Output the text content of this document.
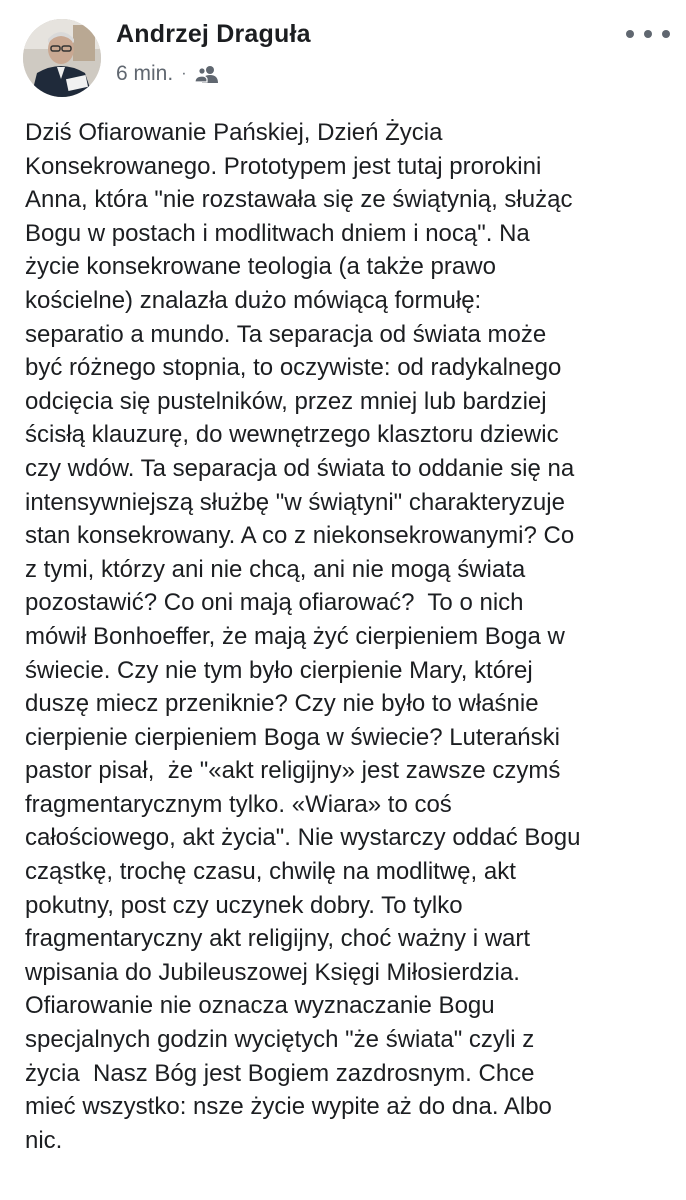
Andrzej Draguła
6 min. ·
Dziś Ofiarowanie Pańskiej, Dzień Życia
Konsekrowanego. Prototypem jest tutaj prorokini
Anna, która "nie rozstawała się ze świątynią, służąc
Bogu w postach i modlitwach dniem i nocą". Na
życie konsekrowane teologia (a także prawo
kościelne) znalazła dużo mówiącą formułę:
separatio a mundo. Ta separacja od świata może
być różnego stopnia, to oczywiste: od radykalnego
odcięcia się pustelników, przez mniej lub bardziej
ścisłą klauzurę, do wewnętrzego klasztoru dziewic
czy wdów. Ta separacja od świata to oddanie się na
intensywniejszą służbę "w świątyni" charakteryzuje
stan konsekrowany. A co z niekonsekrowanymi? Co
z tymi, którzy ani nie chcą, ani nie mogą świata
pozostawić? Co oni mają ofiarować?  To o nich
mówił Bonhoeffer, że mają żyć cierpieniem Boga w
świecie. Czy nie tym było cierpienie Mary, której
duszę miecz przeniknie? Czy nie było to właśnie
cierpienie cierpieniem Boga w świecie? Luterański
pastor pisał,  że "«akt religijny» jest zawsze czymś
fragmentarycznym tylko. «Wiara» to coś
całościowego, akt życia". Nie wystarczy oddać Bogu
cząstkę, trochę czasu, chwilę na modlitwę, akt
pokutny, post czy uczynek dobry. To tylko
fragmentaryczny akt religijny, choć ważny i wart
wpisania do Jubileuszowej Księgi Miłosierdzia.
Ofiarowanie nie oznacza wyznaczanie Bogu
specjalnych godzin wyciętych "że świata" czyli z
życia  Nasz Bóg jest Bogiem zazdrosnym. Chce
mieć wszystko: nsze życie wypite aż do dna. Albo
nic.
